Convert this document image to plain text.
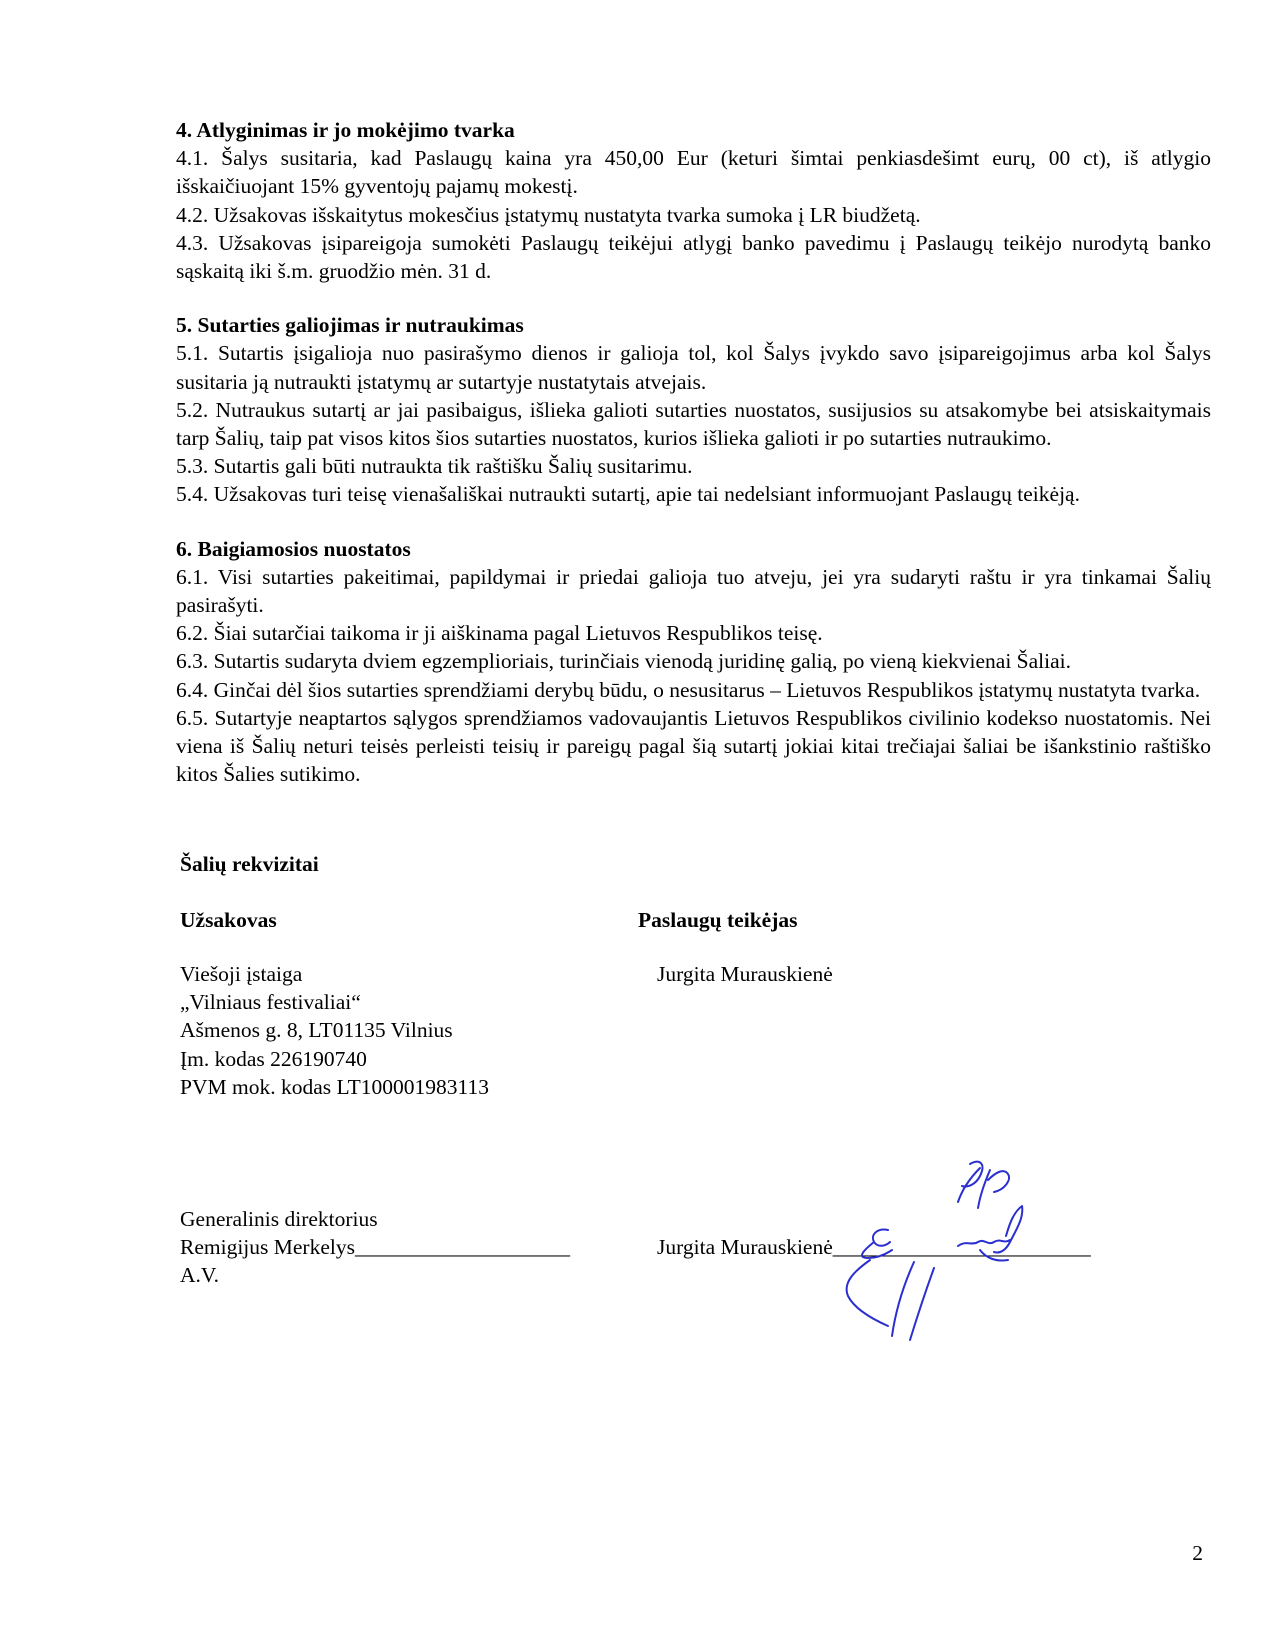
4. Atlyginimas ir jo mokėjimo tvarka
4.1. Šalys susitaria, kad Paslaugų kaina yra 450,00 Eur (keturi šimtai penkiasdešimt eurų, 00 ct), iš atlygio išskaičiuojant 15% gyventojų pajamų mokestį.
4.2. Užsakovas išskaitytus mokesčius įstatymų nustatyta tvarka sumoka į LR biudžetą.
4.3. Užsakovas įsipareigoja sumokėti Paslaugų teikėjui atlygį banko pavedimu į Paslaugų teikėjo nurodytą banko sąskaitą iki š.m. gruodžio mėn. 31 d.
5. Sutarties galiojimas ir nutraukimas
5.1. Sutartis įsigalioja nuo pasirašymo dienos ir galioja tol, kol Šalys įvykdo savo įsipareigojimus arba kol Šalys susitaria ją nutraukti įstatymų ar sutartyje nustatytais atvejais.
5.2. Nutraukus sutartį ar jai pasibaigus, išlieka galioti sutarties nuostatos, susijusios su atsakomybe bei atsiskaitymais tarp Šalių, taip pat visos kitos šios sutarties nuostatos, kurios išlieka galioti ir po sutarties nutraukimo.
5.3. Sutartis gali būti nutraukta tik raštišku Šalių susitarimu.
5.4. Užsakovas turi teisę vienašališkai nutraukti sutartį, apie tai nedelsiant informuojant Paslaugų teikėją.
6. Baigiamosios nuostatos
6.1. Visi sutarties pakeitimai, papildymai ir priedai galioja tuo atveju, jei yra sudaryti raštu ir yra tinkamai Šalių pasirašyti.
6.2. Šiai sutarčiai taikoma ir ji aiškinama pagal Lietuvos Respublikos teisę.
6.3. Sutartis sudaryta dviem egzemplioriais, turinčiais vienodą juridinę galią, po vieną kiekvienai Šaliai.
6.4. Ginčai dėl šios sutarties sprendžiami derybų būdu, o nesusitarus – Lietuvos Respublikos įstatymų nustatyta tvarka.
6.5. Sutartyje neaptartos sąlygos sprendžiamos vadovaujantis Lietuvos Respublikos civilinio kodekso nuostatomis. Nei viena iš Šalių neturi teisės perleisti teisių ir pareigų pagal šią sutartį jokiai kitai trečiajai šaliai be išankstinio raštiško kitos Šalies sutikimo.
Šalių rekvizitai
Užsakovas	Paslaugų teikėjas
Viešoji įstaiga
„Vilniaus festivaliai“
Ašmenos g. 8, LT01135 Vilnius
Įm. kodas 226190740
PVM mok. kodas LT100001983113
Jurgita Murauskienė
Generalinis direktorius
Remigijus Merkelys____________________
A.V.
Jurgita Murauskienė________________________
2
